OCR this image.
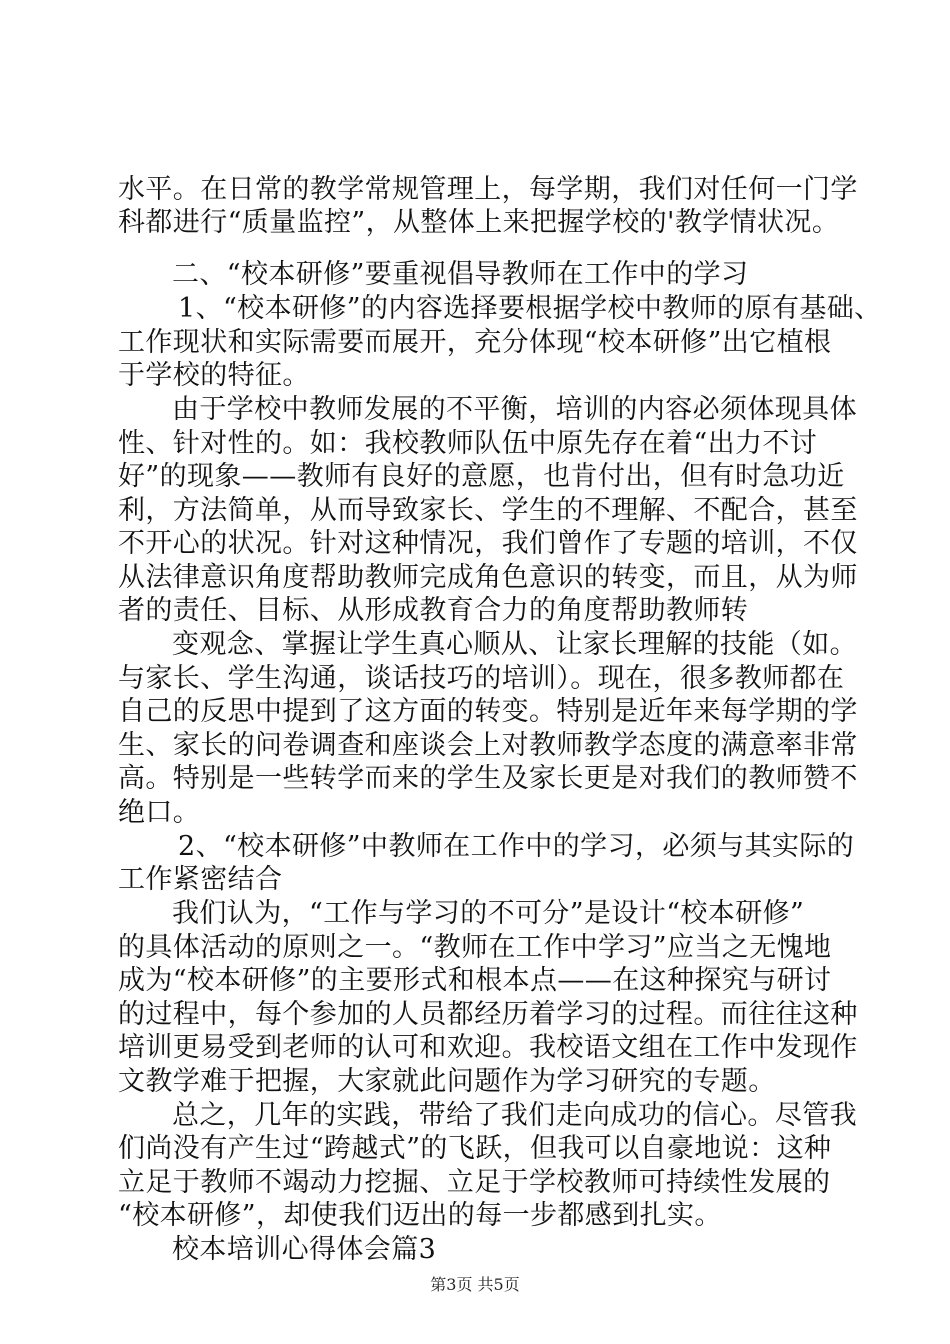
水平。在日常的教学常规管理上，每学期，我们对任何一门学
科都进行“质量监控”，从整体上来把握学校的'教学情状况。
二、“校本研修”要重视倡导教师在工作中的学习
1、“校本研修”的内容选择要根据学校中教师的原有基础、
工作现状和实际需要而展开，充分体现“校本研修”出它植根
于学校的特征。
由于学校中教师发展的不平衡，培训的内容必须体现具体
性、针对性的。如：我校教师队伍中原先存在着“出力不讨
好”的现象——教师有良好的意愿，也肯付出，但有时急功近
利，方法简单，从而导致家长、学生的不理解、不配合，甚至
不开心的状况。针对这种情况，我们曾作了专题的培训，不仅
从法律意识角度帮助教师完成角色意识的转变，而且，从为师
者的责任、目标、从形成教育合力的角度帮助教师转
变观念、掌握让学生真心顺从、让家长理解的技能（如。
与家长、学生沟通，谈话技巧的培训）。现在，很多教师都在
自己的反思中提到了这方面的转变。特别是近年来每学期的学
生、家长的问卷调查和座谈会上对教师教学态度的满意率非常
高。特别是一些转学而来的学生及家长更是对我们的教师赞不
绝口。
2、“校本研修”中教师在工作中的学习，必须与其实际的
工作紧密结合
我们认为，“工作与学习的不可分”是设计“校本研修”
的具体活动的原则之一。“教师在工作中学习”应当之无愧地
成为“校本研修”的主要形式和根本点——在这种探究与研讨
的过程中，每个参加的人员都经历着学习的过程。而往往这种
培训更易受到老师的认可和欢迎。我校语文组在工作中发现作
文教学难于把握，大家就此问题作为学习研究的专题。
总之，几年的实践，带给了我们走向成功的信心。尽管我
们尚没有产生过“跨越式”的飞跃，但我可以自豪地说：这种
立足于教师不竭动力挖掘、立足于学校教师可持续性发展的
“校本研修”，却使我们迈出的每一步都感到扎实。
校本培训心得体会篇3
第3页 共5页
